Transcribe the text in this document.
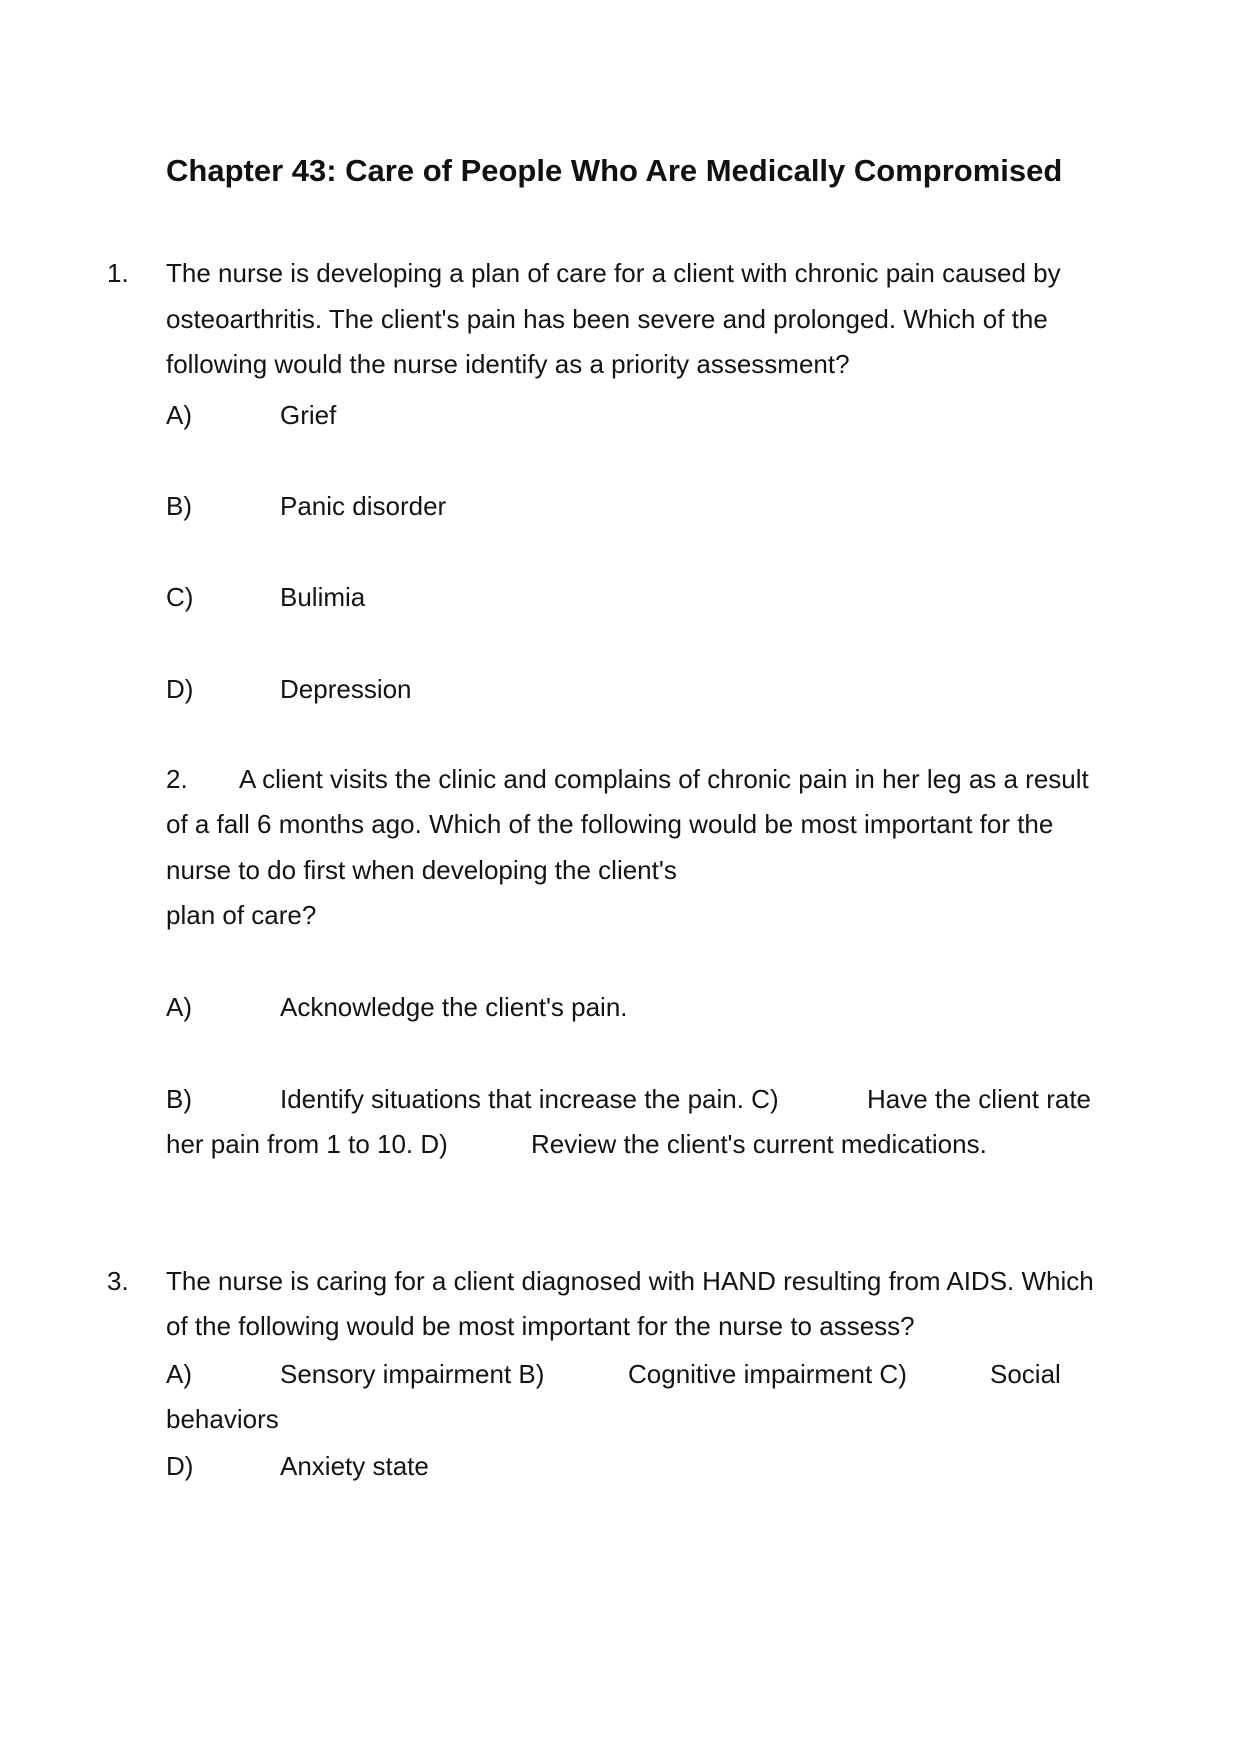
Chapter 43: Care of People Who Are Medically Compromised
1. The nurse is developing a plan of care for a client with chronic pain caused by
osteoarthritis. The client's pain has been severe and prolonged. Which of the
following would the nurse identify as a priority assessment?
A)	Grief
B)	Panic disorder
C)	Bulimia
D)	Depression
2. A client visits the clinic and complains of chronic pain in her leg as a result
of a fall 6 months ago. Which of the following would be most important for the
nurse to do first when developing the client's
plan of care?
A)	Acknowledge the client's pain.
B)	Identify situations that increase the pain. C)	Have the client rate
her pain from 1 to 10. D)	Review the client's current medications.
3. The nurse is caring for a client diagnosed with HAND resulting from AIDS. Which
of the following would be most important for the nurse to assess?
A)	Sensory impairment B)	Cognitive impairment C)	Social
behaviors
D)	Anxiety state
